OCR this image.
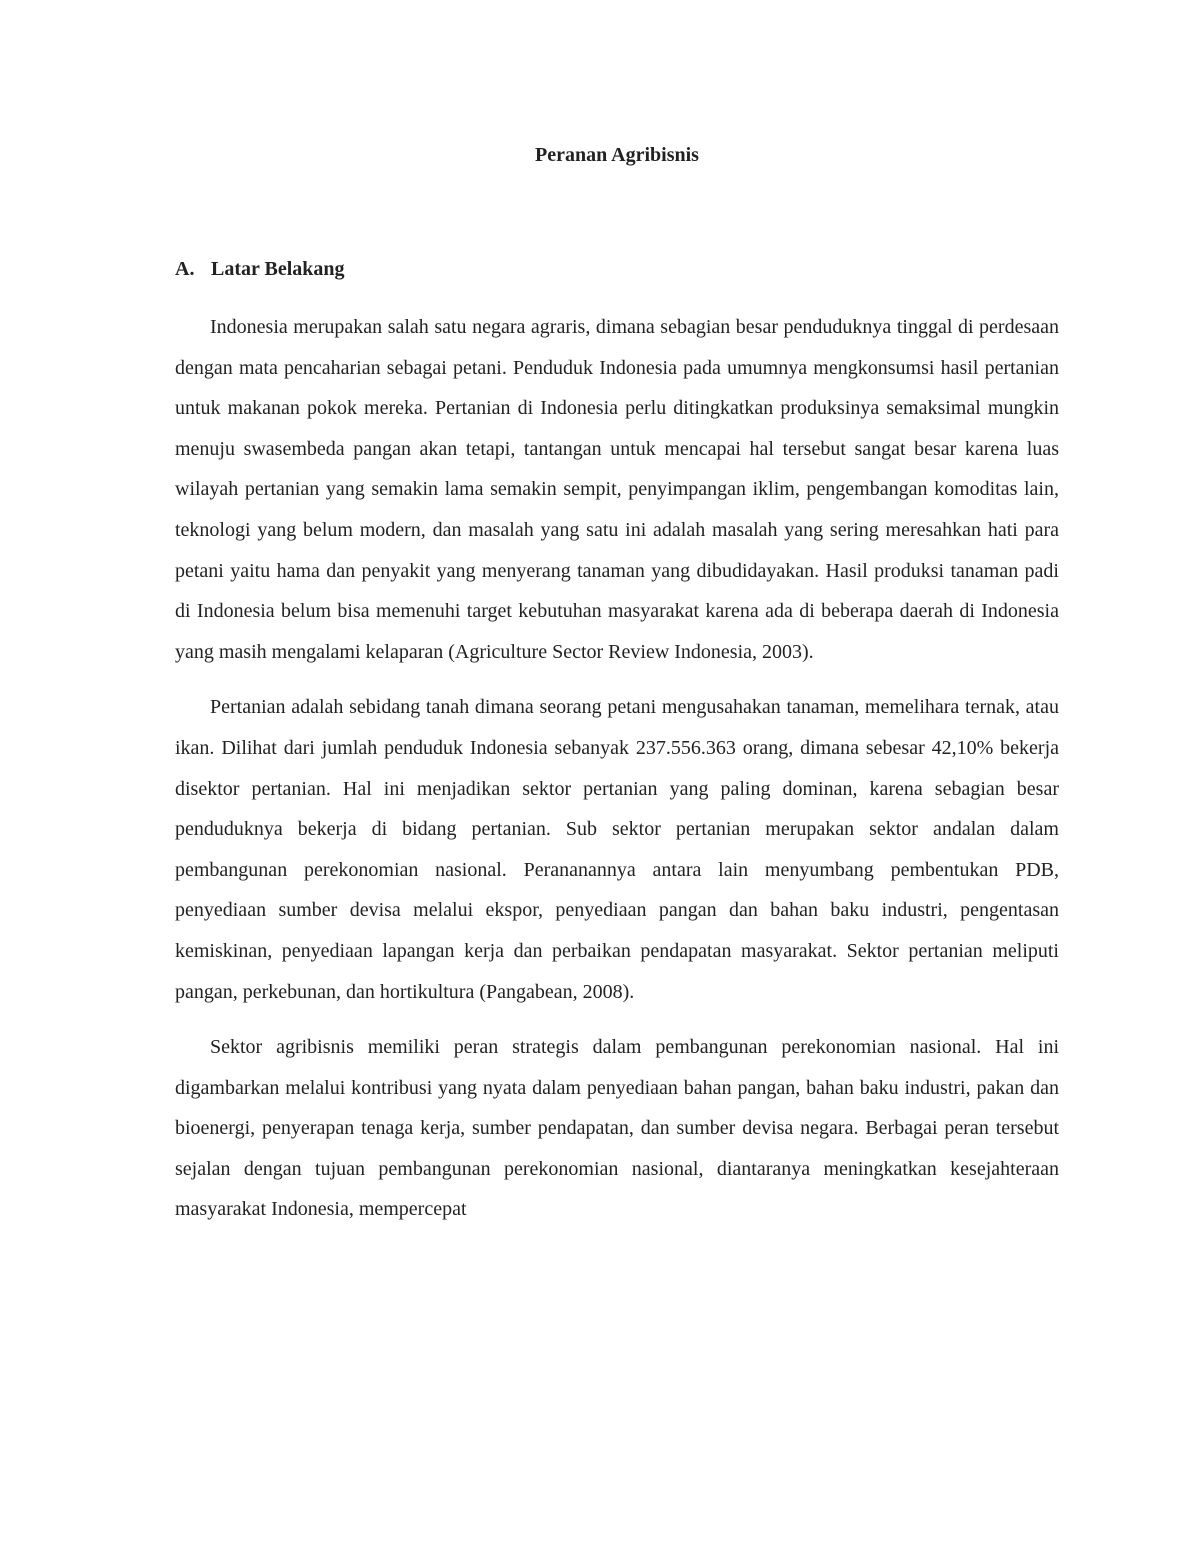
Peranan Agribisnis
A. Latar Belakang

Indonesia merupakan salah satu negara agraris, dimana sebagian besar penduduknya tinggal di perdesaan dengan mata pencaharian sebagai petani. Penduduk Indonesia pada umumnya mengkonsumsi hasil pertanian untuk makanan pokok mereka. Pertanian di Indonesia perlu ditingkatkan produksinya semaksimal mungkin menuju swasembeda pangan akan tetapi, tantangan untuk mencapai hal tersebut sangat besar karena luas wilayah pertanian yang semakin lama semakin sempit, penyimpangan iklim, pengembangan komoditas lain, teknologi yang belum modern, dan masalah yang satu ini adalah masalah yang sering meresahkan hati para petani yaitu hama dan penyakit yang menyerang tanaman yang dibudidayakan. Hasil produksi tanaman padi di Indonesia belum bisa memenuhi target kebutuhan masyarakat karena ada di beberapa daerah di Indonesia yang masih mengalami kelaparan (Agriculture Sector Review Indonesia, 2003).

Pertanian adalah sebidang tanah dimana seorang petani mengusahakan tanaman, memelihara ternak, atau ikan. Dilihat dari jumlah penduduk Indonesia sebanyak 237.556.363 orang, dimana sebesar 42,10% bekerja disektor pertanian. Hal ini menjadikan sektor pertanian yang paling dominan, karena sebagian besar penduduknya bekerja di bidang pertanian. Sub sektor pertanian merupakan sektor andalan dalam pembangunan perekonomian nasional. Perananannya antara lain menyumbang pembentukan PDB, penyediaan sumber devisa melalui ekspor, penyediaan pangan dan bahan baku industri, pengentasan kemiskinan, penyediaan lapangan kerja dan perbaikan pendapatan masyarakat. Sektor pertanian meliputi pangan, perkebunan, dan hortikultura (Pangabean, 2008).

Sektor agribisnis memiliki peran strategis dalam pembangunan perekonomian nasional. Hal ini digambarkan melalui kontribusi yang nyata dalam penyediaan bahan pangan, bahan baku industri, pakan dan bioenergi, penyerapan tenaga kerja, sumber pendapatan, dan sumber devisa negara. Berbagai peran tersebut sejalan dengan tujuan pembangunan perekonomian nasional, diantaranya meningkatkan kesejahteraan masyarakat Indonesia, mempercepat
